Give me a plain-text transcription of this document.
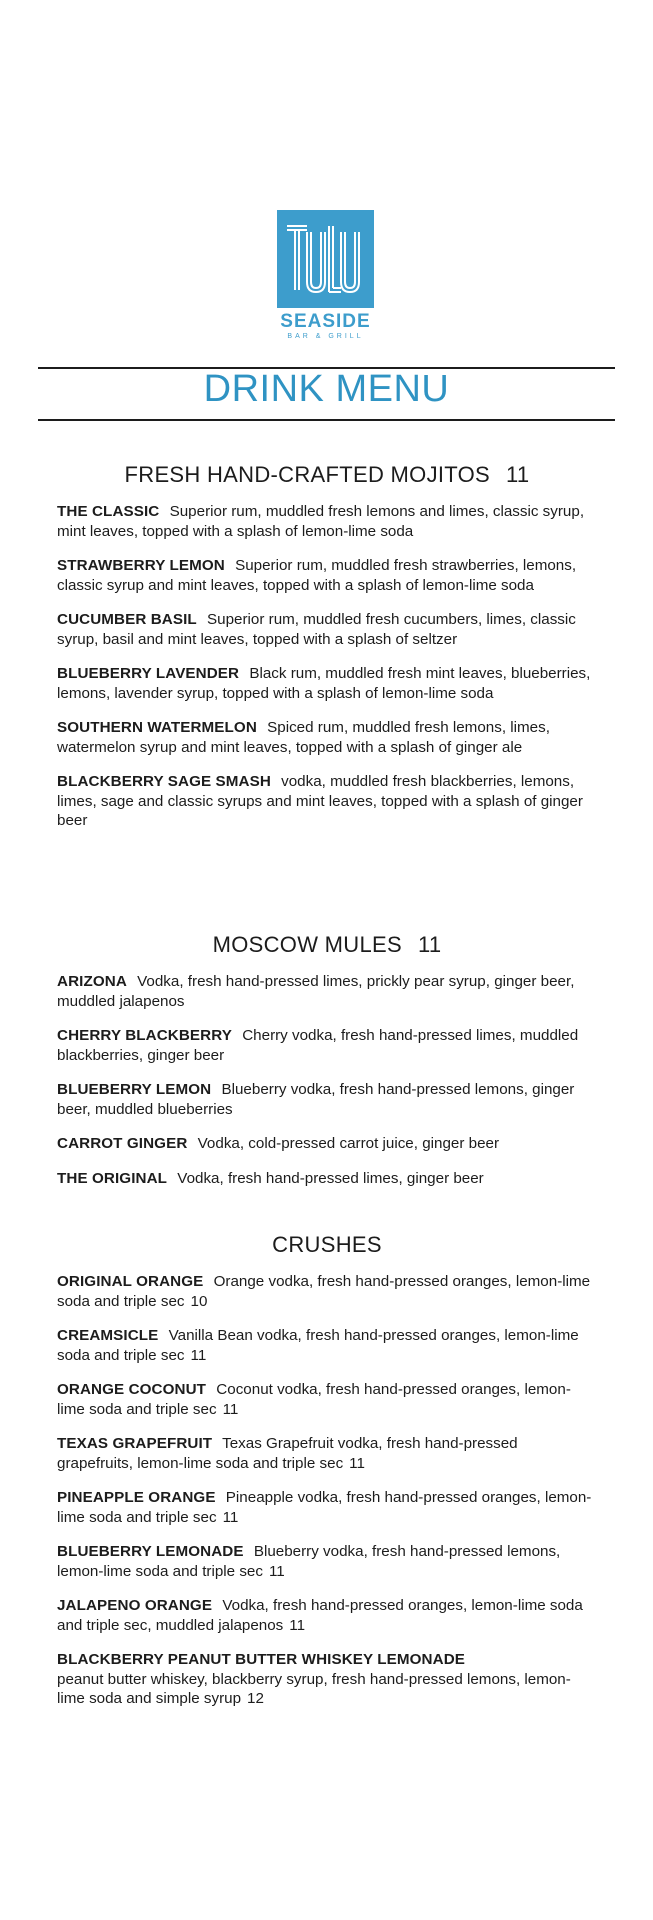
SEASIDE
BAR & GRILL
DRINK MENU
FRESH HAND-CRAFTED MOJITOS 11
THE CLASSIC Superior rum, muddled fresh lemons and limes, classic syrup, mint leaves, topped with a splash of lemon-lime soda
STRAWBERRY LEMON Superior rum, muddled fresh strawberries, lemons, classic syrup and mint leaves, topped with a splash of lemon-lime soda
CUCUMBER BASIL Superior rum, muddled fresh cucumbers, limes, classic syrup, basil and mint leaves, topped with a splash of seltzer
BLUEBERRY LAVENDER Black rum, muddled fresh mint leaves, blueberries, lemons, lavender syrup, topped with a splash of lemon-lime soda
SOUTHERN WATERMELON Spiced rum, muddled fresh lemons, limes, watermelon syrup and mint leaves, topped with a splash of ginger ale
BLACKBERRY SAGE SMASH vodka, muddled fresh blackberries, lemons, limes, sage and classic syrups and mint leaves, topped with a splash of ginger beer
MOSCOW MULES 11
ARIZONA Vodka, fresh hand-pressed limes, prickly pear syrup, ginger beer, muddled jalapenos
CHERRY BLACKBERRY Cherry vodka, fresh hand-pressed limes, muddled blackberries, ginger beer
BLUEBERRY LEMON Blueberry vodka, fresh hand-pressed lemons, ginger beer, muddled blueberries
CARROT GINGER Vodka, cold-pressed carrot juice, ginger beer
THE ORIGINAL Vodka, fresh hand-pressed limes, ginger beer
CRUSHES
ORIGINAL ORANGE Orange vodka, fresh hand-pressed oranges, lemon-lime soda and triple sec 10
CREAMSICLE Vanilla Bean vodka, fresh hand-pressed oranges, lemon-lime soda and triple sec 11
ORANGE COCONUT Coconut vodka, fresh hand-pressed oranges, lemon-lime soda and triple sec 11
TEXAS GRAPEFRUIT Texas Grapefruit vodka, fresh hand-pressed grapefruits, lemon-lime soda and triple sec 11
PINEAPPLE ORANGE Pineapple vodka, fresh hand-pressed oranges, lemon-lime soda and triple sec 11
BLUEBERRY LEMONADE Blueberry vodka, fresh hand-pressed lemons, lemon-lime soda and triple sec 11
JALAPENO ORANGE Vodka, fresh hand-pressed oranges, lemon-lime soda and triple sec, muddled jalapenos 11
BLACKBERRY PEANUT BUTTER WHISKEY LEMONADE
peanut butter whiskey, blackberry syrup, fresh hand-pressed lemons, lemon-lime soda and simple syrup 12
